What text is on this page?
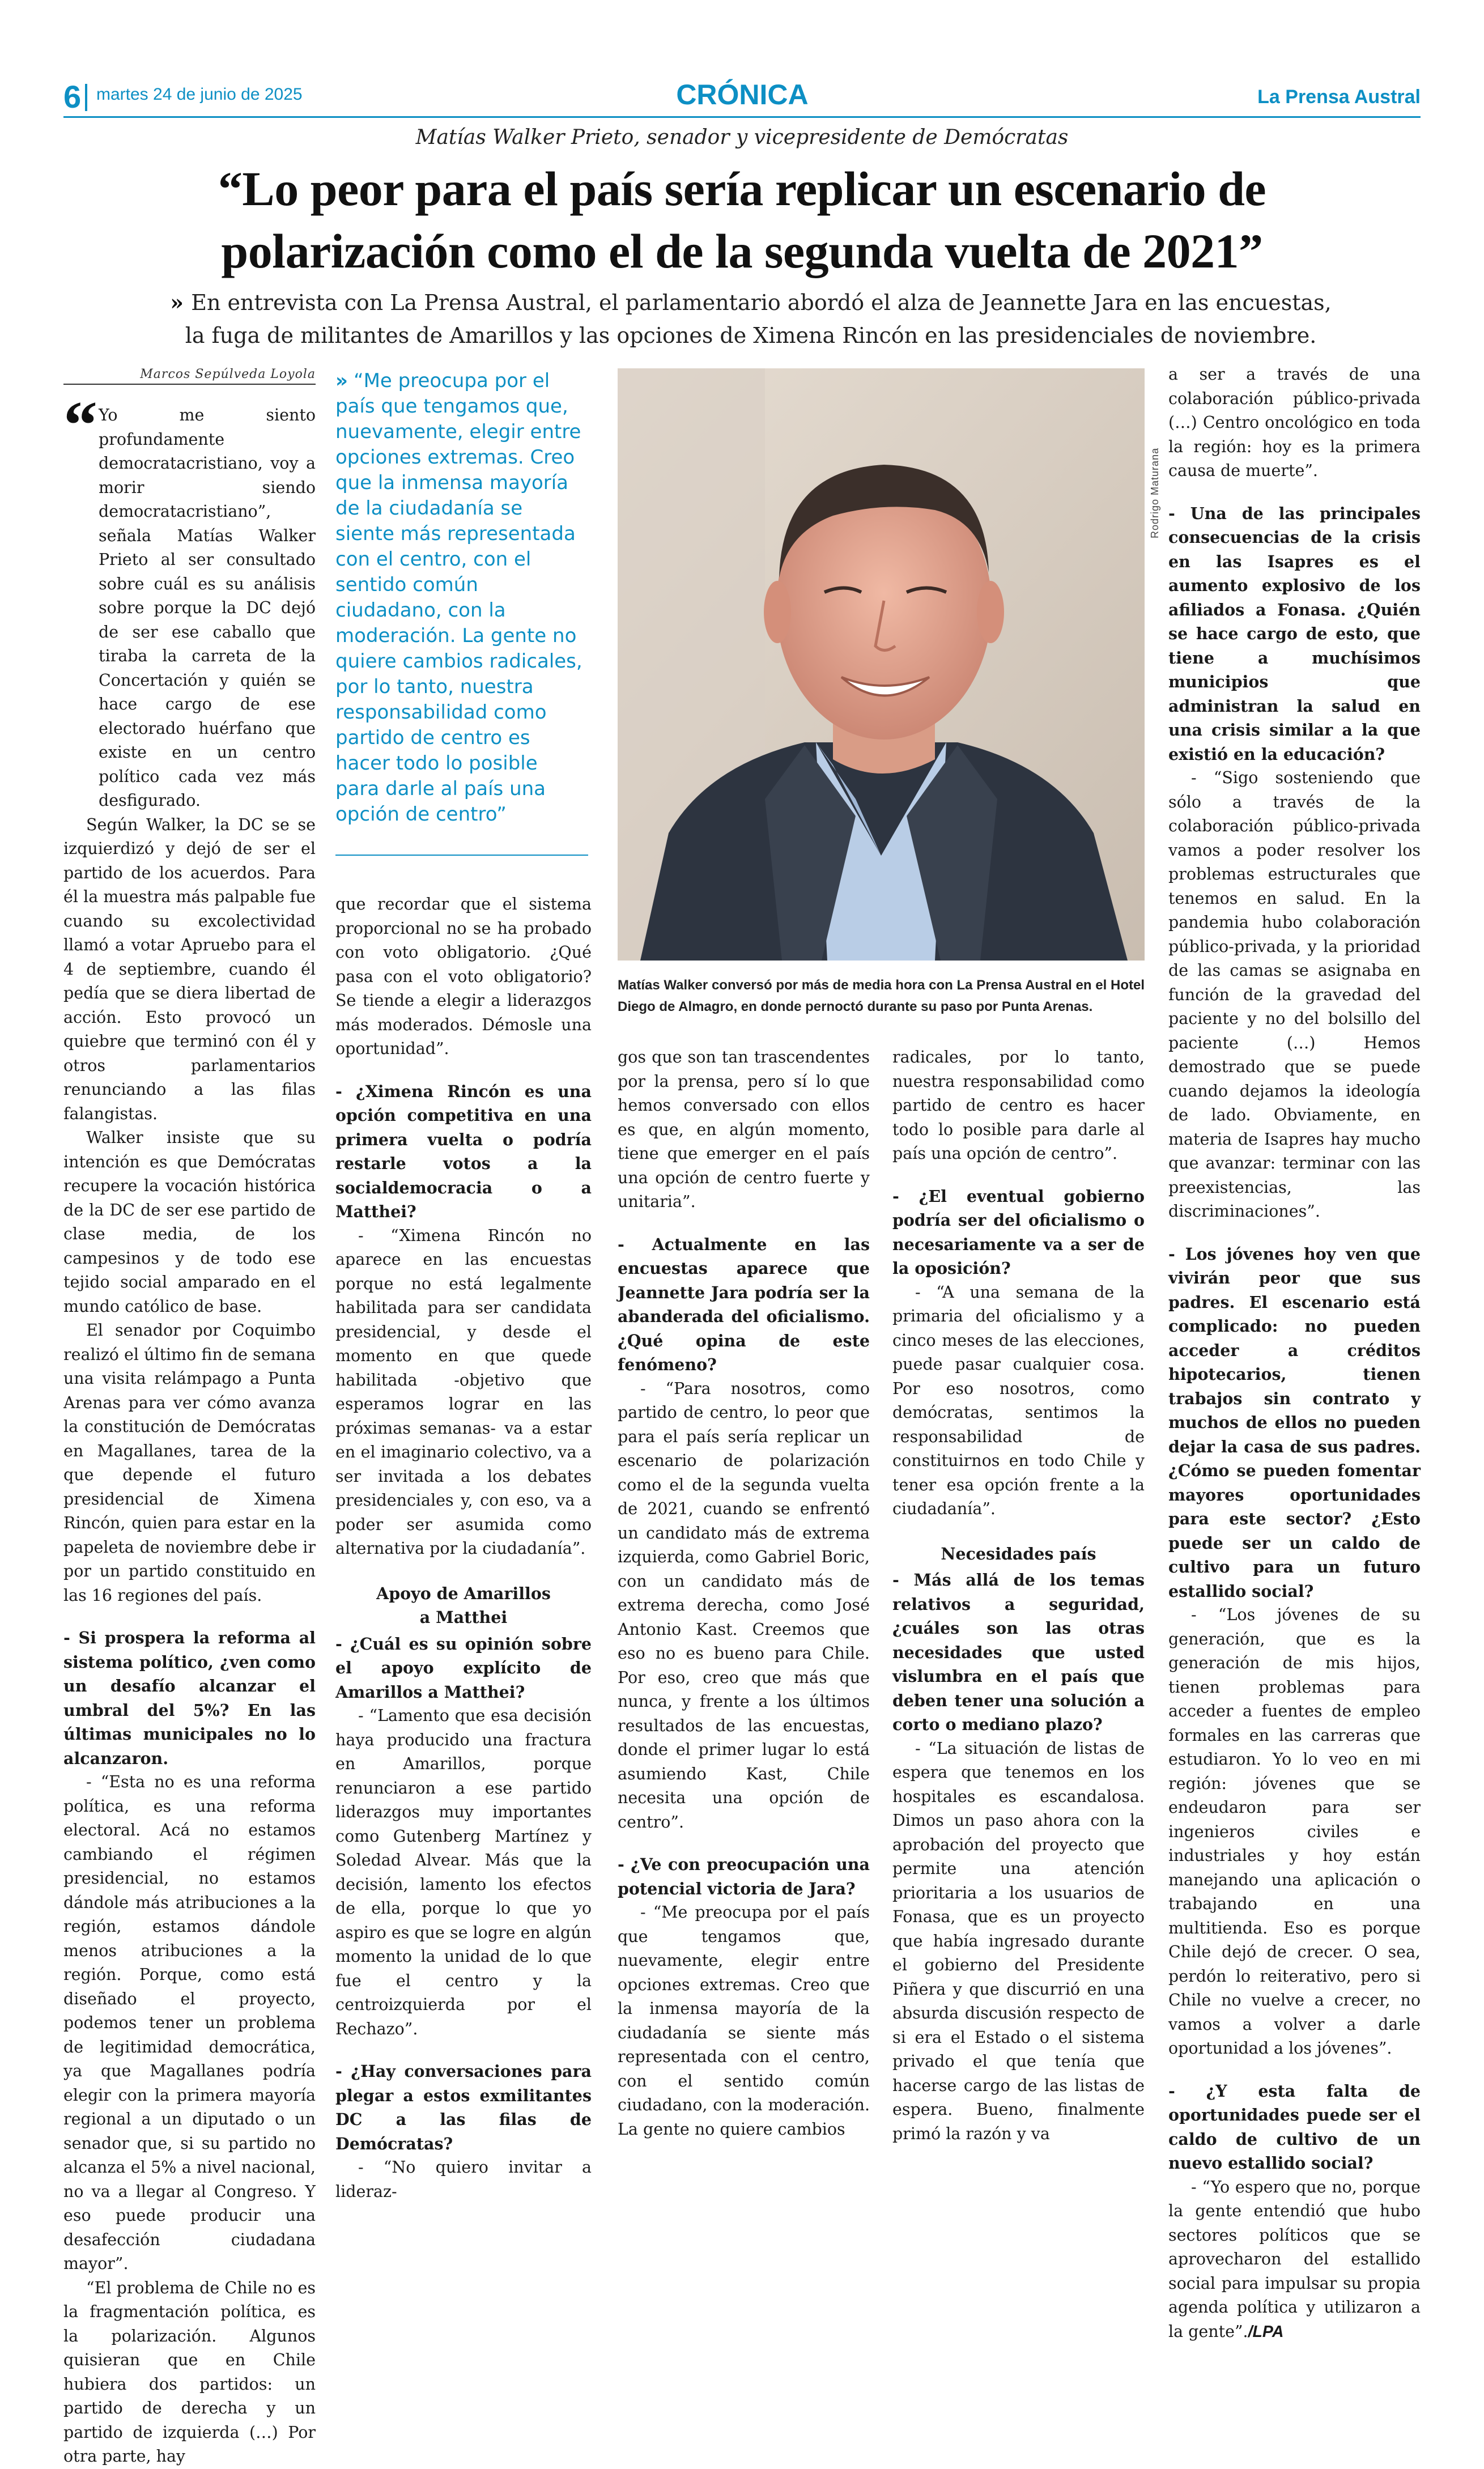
6 martes 24 de junio de 2025	CRÓNICA	La Prensa Austral
Matías Walker Prieto, senador y vicepresidente de Demócratas
“Lo peor para el país sería replicar un escenario de
polarización como el de la segunda vuelta de 2021”
» En entrevista con La Prensa Austral, el parlamentario abordó el alza de Jeannette Jara en las encuestas,
la fuga de militantes de Amarillos y las opciones de Ximena Rincón en las presidenciales de noviembre.
Marcos Sepúlveda Loyola
“ Yo me siento profundamente democratacristiano, voy a morir siendo democratacristiano”, señala Matías Walker Prieto al ser consultado sobre cuál es su análisis sobre porque la DC dejó de ser ese caballo que tiraba la carreta de la Concertación y quién se hace cargo de ese electorado huérfano que existe en un centro político cada vez más desfigurado.

Según Walker, la DC se se izquierdizó y dejó de ser el partido de los acuerdos. Para él la muestra más palpable fue cuando su excolectividad llamó a votar Apruebo para el 4 de septiembre, cuando él pedía que se diera libertad de acción. Esto provocó un quiebre que terminó con él y otros parlamentarios renunciando a las filas falangistas.

Walker insiste que su intención es que Demócratas recupere la vocación histórica de la DC de ser ese partido de clase media, de los campesinos y de todo ese tejido social amparado en el mundo católico de base.

El senador por Coquimbo realizó el último fin de semana una visita relámpago a Punta Arenas para ver cómo avanza la constitución de Demócratas en Magallanes, tarea de la que depende el futuro presidencial de Ximena Rincón, quien para estar en la papeleta de noviembre debe ir por un partido constituido en las 16 regiones del país.

- Si prospera la reforma al sistema político, ¿ven como un desafío alcanzar el umbral del 5%? En las últimas municipales no lo alcanzaron.

- “Esta no es una reforma política, es una reforma electoral. Acá no estamos cambiando el régimen presidencial, no estamos dándole más atribuciones a la región, estamos dándole menos atribuciones a la región. Porque, como está diseñado el proyecto, podemos tener un problema de legitimidad democrática, ya que Magallanes podría elegir con la primera mayoría regional a un diputado o un senador que, si su partido no alcanza el 5% a nivel nacional, no va a llegar al Congreso. Y eso puede producir una desafección ciudadana mayor”.

“El problema de Chile no es la fragmentación política, es la polarización. Algunos quisieran que en Chile hubiera dos partidos: un partido de derecha y un partido de izquierda (…) Por otra parte, hay

» “Me preocupa por el país que tengamos que, nuevamente, elegir entre opciones extremas. Creo que la inmensa mayoría de la ciudadanía se siente más representada con el centro, con el sentido común ciudadano, con la moderación. La gente no quiere cambios radicales, por lo tanto, nuestra responsabilidad como partido de centro es hacer todo lo posible para darle al país una opción de centro”

que recordar que el sistema proporcional no se ha probado con voto obligatorio. ¿Qué pasa con el voto obligatorio? Se tiende a elegir a liderazgos más moderados. Démosle una oportunidad”.

- ¿Ximena Rincón es una opción competitiva en una primera vuelta o podría restarle votos a la socialdemocracia o a Matthei?

- “Ximena Rincón no aparece en las encuestas porque no está legalmente habilitada para ser candidata presidencial, y desde el momento en que quede habilitada -objetivo que esperamos lograr en las próximas semanas- va a estar en el imaginario colectivo, va a ser invitada a los debates presidenciales y, con eso, va a poder ser asumida como alternativa por la ciudadanía”.

Apoyo de Amarillos
a Matthei

- ¿Cuál es su opinión sobre el apoyo explícito de Amarillos a Matthei?

- “Lamento que esa decisión haya producido una fractura en Amarillos, porque renunciaron a ese partido liderazgos muy importantes como Gutenberg Martínez y Soledad Alvear. Más que la decisión, lamento los efectos de ella, porque lo que yo aspiro es que se logre en algún momento la unidad de lo que fue el centro y la centroizquierda por el Rechazo”.

- ¿Hay conversaciones para plegar a estos exmilitantes DC a las filas de Demócratas?

- “No quiero invitar a lideraz-

Rodrigo Maturana
Matías Walker conversó por más de media hora con La Prensa Austral en el Hotel Diego de Almagro, en donde pernoctó durante su paso por Punta Arenas.

gos que son tan trascendentes por la prensa, pero sí lo que hemos conversado con ellos es que, en algún momento, tiene que emerger en el país una opción de centro fuerte y unitaria”.

- Actualmente en las encuestas aparece que Jeannette Jara podría ser la abanderada del oficialismo. ¿Qué opina de este fenómeno?

- “Para nosotros, como partido de centro, lo peor que para el país sería replicar un escenario de polarización como el de la segunda vuelta de 2021, cuando se enfrentó un candidato más de extrema izquierda, como Gabriel Boric, con un candidato más de extrema derecha, como José Antonio Kast. Creemos que eso no es bueno para Chile. Por eso, creo que más que nunca, y frente a los últimos resultados de las encuestas, donde el primer lugar lo está asumiendo Kast, Chile necesita una opción de centro”.

- ¿Ve con preocupación una potencial victoria de Jara?

- “Me preocupa por el país que tengamos que, nuevamente, elegir entre opciones extremas. Creo que la inmensa mayoría de la ciudadanía se siente más representada con el centro, con el sentido común ciudadano, con la moderación. La gente no quiere cambios

radicales, por lo tanto, nuestra responsabilidad como partido de centro es hacer todo lo posible para darle al país una opción de centro”.

- ¿El eventual gobierno podría ser del oficialismo o necesariamente va a ser de la oposición?

- “A una semana de la primaria del oficialismo y a cinco meses de las elecciones, puede pasar cualquier cosa. Por eso nosotros, como demócratas, sentimos la responsabilidad de constituirnos en todo Chile y tener esa opción frente a la ciudadanía”.

Necesidades país

- Más allá de los temas relativos a seguridad, ¿cuáles son las otras necesidades que usted vislumbra en el país que deben tener una solución a corto o mediano plazo?

- “La situación de listas de espera que tenemos en los hospitales es escandalosa. Dimos un paso ahora con la aprobación del proyecto que permite una atención prioritaria a los usuarios de Fonasa, que es un proyecto que había ingresado durante el gobierno del Presidente Piñera y que discurrió en una absurda discusión respecto de si era el Estado o el sistema privado el que tenía que hacerse cargo de las listas de espera. Bueno, finalmente primó la razón y va

a ser a través de una colaboración público-privada (…) Centro oncológico en toda la región: hoy es la primera causa de muerte”.

- Una de las principales consecuencias de la crisis en las Isapres es el aumento explosivo de los afiliados a Fonasa. ¿Quién se hace cargo de esto, que tiene a muchísimos municipios que administran la salud en una crisis similar a la que existió en la educación?

- “Sigo sosteniendo que sólo a través de la colaboración público-privada vamos a poder resolver los problemas estructurales que tenemos en salud. En la pandemia hubo colaboración público-privada, y la prioridad de las camas se asignaba en función de la gravedad del paciente y no del bolsillo del paciente (…) Hemos demostrado que se puede cuando dejamos la ideología de lado. Obviamente, en materia de Isapres hay mucho que avanzar: terminar con las preexistencias, las discriminaciones”.

- Los jóvenes hoy ven que vivirán peor que sus padres. El escenario está complicado: no pueden acceder a créditos hipotecarios, tienen trabajos sin contrato y muchos de ellos no pueden dejar la casa de sus padres. ¿Cómo se pueden fomentar mayores oportunidades para este sector? ¿Esto puede ser un caldo de cultivo para un futuro estallido social?

- “Los jóvenes de su generación, que es la generación de mis hijos, tienen problemas para acceder a fuentes de empleo formales en las carreras que estudiaron. Yo lo veo en mi región: jóvenes que se endeudaron para ser ingenieros civiles e industriales y hoy están manejando una aplicación o trabajando en una multitienda. Eso es porque Chile dejó de crecer. O sea, perdón lo reiterativo, pero si Chile no vuelve a crecer, no vamos a volver a darle oportunidad a los jóvenes”.

- ¿Y esta falta de oportunidades puede ser el caldo de cultivo de un nuevo estallido social?

- “Yo espero que no, porque la gente entendió que hubo sectores políticos que se aprovecharon del estallido social para impulsar su propia agenda política y utilizaron a la gente”./LPA
